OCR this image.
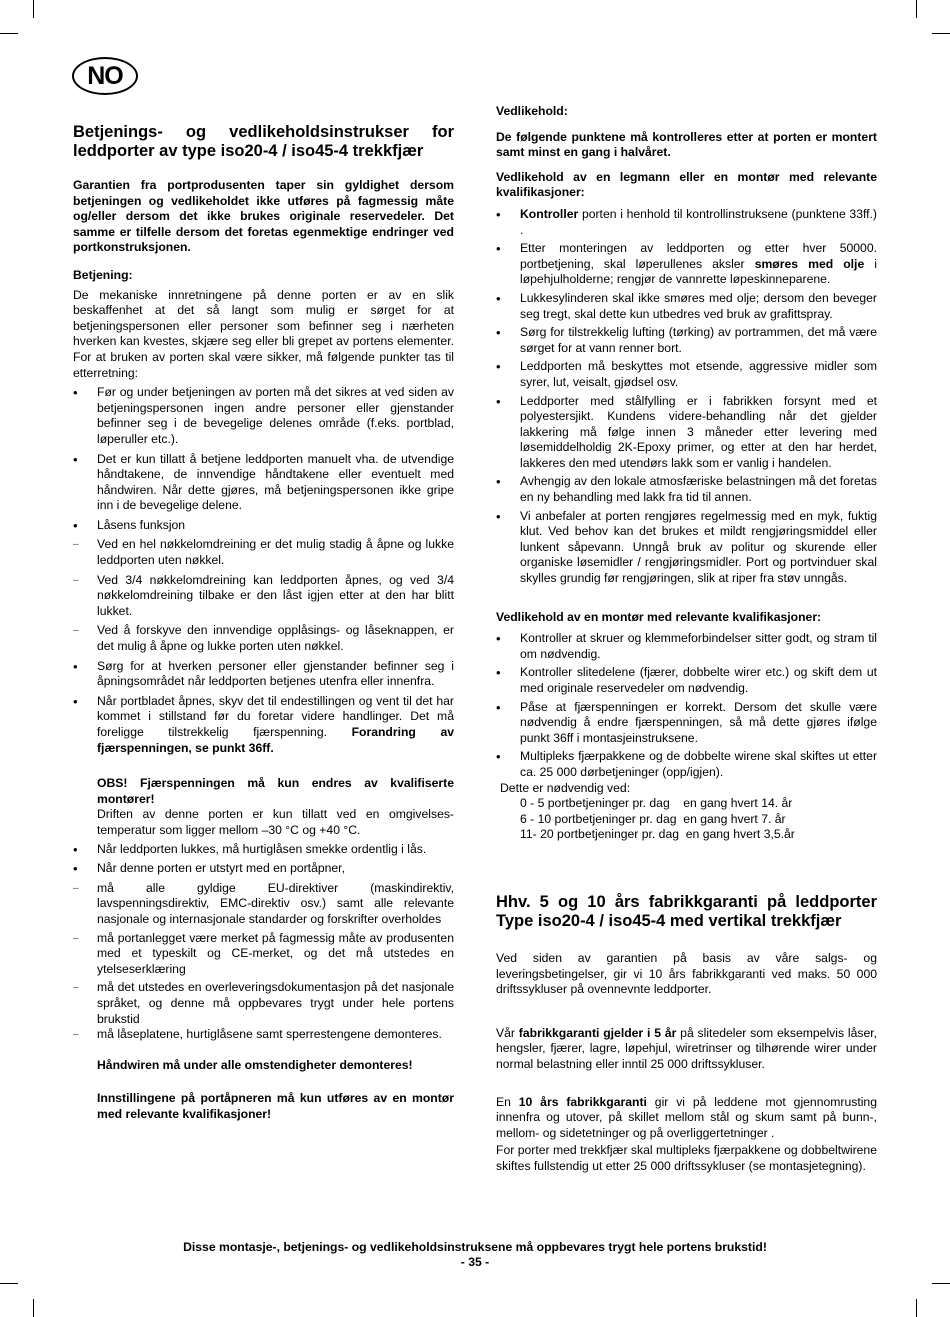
NO
Betjenings- og vedlikeholdsinstrukser for leddporter av type iso20-4 / iso45-4 trekkfjær
Garantien fra portprodusenten taper sin gyldighet dersom betjeningen og vedlikeholdet ikke utføres på fagmessig måte og/eller dersom det ikke brukes originale reservedeler. Det samme er tilfelle dersom det foretas egenmektige endringer ved portkonstruksjonen.
Betjening:
De mekaniske innretningene på denne porten er av en slik beskaffenhet at det så langt som mulig er sørget for at betjeningspersonen eller personer som befinner seg i nærheten hverken kan kvestes, skjære seg eller bli grepet av portens elementer. For at bruken av porten skal være sikker, må følgende punkter tas til etterretning:
• Før og under betjeningen av porten må det sikres at ved siden av betjeningspersonen ingen andre personer eller gjenstander befinner seg i de bevegelige delenes område (f.eks. portblad, løperuller etc.).
• Det er kun tillatt å betjene leddporten manuelt vha. de utvendige håndtakene, de innvendige håndtakene eller eventuelt med håndwiren. Når dette gjøres, må betjeningspersonen ikke gripe inn i de bevegelige delene.
• Låsens funksjon
– Ved en hel nøkkelomdreining er det mulig stadig å åpne og lukke leddporten uten nøkkel.
– Ved 3/4 nøkkelomdreining kan leddporten åpnes, og ved 3/4 nøkkelomdreining tilbake er den låst igjen etter at den har blitt lukket.
– Ved å forskyve den innvendige opplåsings- og låseknappen, er det mulig å åpne og lukke porten uten nøkkel.
• Sørg for at hverken personer eller gjenstander befinner seg i åpningsområdet når leddporten betjenes utenfra eller innenfra.
• Når portbladet åpnes, skyv det til endestillingen og vent til det har kommet i stillstand før du foretar videre handlinger. Det må foreligge tilstrekkelig fjærspenning. Forandring av fjærspenningen, se punkt 36ff.
OBS! Fjærspenningen må kun endres av kvalifiserte montører!
Driften av denne porten er kun tillatt ved en omgivelses-temperatur som ligger mellom –30 °C og +40 °C.
• Når leddporten lukkes, må hurtiglåsen smekke ordentlig i lås.
• Når denne porten er utstyrt med en portåpner,
– må alle gyldige EU-direktiver (maskindirektiv, lavspenningsdirektiv, EMC-direktiv osv.) samt alle relevante nasjonale og internasjonale standarder og forskrifter overholdes
– må portanlegget være merket på fagmessig måte av produsenten med et typeskilt og CE-merket, og det må utstedes en ytelseserklæring
– må det utstedes en overleveringsdokumentasjon på det nasjonale språket, og denne må oppbevares trygt under hele portens brukstid
– må låseplatene, hurtiglåsene samt sperrestengene demonteres.
Håndwiren må under alle omstendigheter demonteres!
Innstillingene på portåpneren må kun utføres av en montør med relevante kvalifikasjoner!
Vedlikehold:
De følgende punktene må kontrolleres etter at porten er montert samt minst en gang i halvåret.
Vedlikehold av en legmann eller en montør med relevante kvalifikasjoner:
• Kontroller porten i henhold til kontrollinstruksene (punktene 33ff.) .
• Etter monteringen av leddporten og etter hver 50000. portbetjening, skal løperullenes aksler smøres med olje i løpehjulholderne; rengjør de vannrette løpeskinneparene.
• Lukkesylinderen skal ikke smøres med olje; dersom den beveger seg tregt, skal dette kun utbedres ved bruk av grafittspray.
• Sørg for tilstrekkelig lufting (tørking) av portrammen, det må være sørget for at vann renner bort.
• Leddporten må beskyttes mot etsende, aggressive midler som syrer, lut, veisalt, gjødsel osv.
• Leddporter med stålfylling er i fabrikken forsynt med et polyestersjikt. Kundens videre-behandling når det gjelder lakkering må følge innen 3 måneder etter levering med løsemiddelholdig 2K-Epoxy primer, og etter at den har herdet, lakkeres den med utendørs lakk som er vanlig i handelen.
• Avhengig av den lokale atmosfæriske belastningen må det foretas en ny behandling med lakk fra tid til annen.
• Vi anbefaler at porten rengjøres regelmessig med en myk, fuktig klut. Ved behov kan det brukes et mildt rengjøringsmiddel eller lunkent såpevann. Unngå bruk av politur og skurende eller organiske løsemidler / rengjøringsmidler. Port og portvinduer skal skylles grundig før rengjøringen, slik at riper fra støv unngås.
Vedlikehold av en montør med relevante kvalifikasjoner:
• Kontroller at skruer og klemmeforbindelser sitter godt, og stram til om nødvendig.
• Kontroller slitedelene (fjærer, dobbelte wirer etc.) og skift dem ut med originale reservedeler om nødvendig.
• Påse at fjærspenningen er korrekt. Dersom det skulle være nødvendig å endre fjærspenningen, så må dette gjøres ifølge punkt 36ff i montasjeinstruksene.
• Multipleks fjærpakkene og de dobbelte wirene skal skiftes ut etter ca. 25 000 dørbetjeninger (opp/igjen).
Dette er nødvendig ved:
0 - 5 portbetjeninger pr. dag    en gang hvert 14. år
6 - 10 portbetjeninger pr. dag  en gang hvert 7. år
11- 20 portbetjeninger pr. dag  en gang hvert 3,5.år
Hhv. 5 og 10 års fabrikkgaranti på leddporter Type iso20-4 / iso45-4 med vertikal trekkfjær
Ved siden av garantien på basis av våre salgs- og leveringsbetingelser, gir vi 10 års fabrikkgaranti ved maks. 50 000 driftssykluser på ovennevnte leddporter.
Vår fabrikkgaranti gjelder i 5 år på slitedeler som eksempelvis låser, hengsler, fjærer, lagre, løpehjul, wiretrinser og tilhørende wirer under normal belastning eller inntil 25 000 driftssykluser.
En 10 års fabrikkgaranti gir vi på leddene mot gjennomrusting innenfra og utover, på skillet mellom stål og skum samt på bunn-, mellom- og sidetetninger og på overliggertetninger .
For porter med trekkfjær skal multipleks fjærpakkene og dobbeltwirene skiftes fullstendig ut etter 25 000 driftssykluser (se montasjetegning).
Disse montasje-, betjenings- og vedlikeholdsinstruksene må oppbevares trygt hele portens brukstid!
- 35 -
